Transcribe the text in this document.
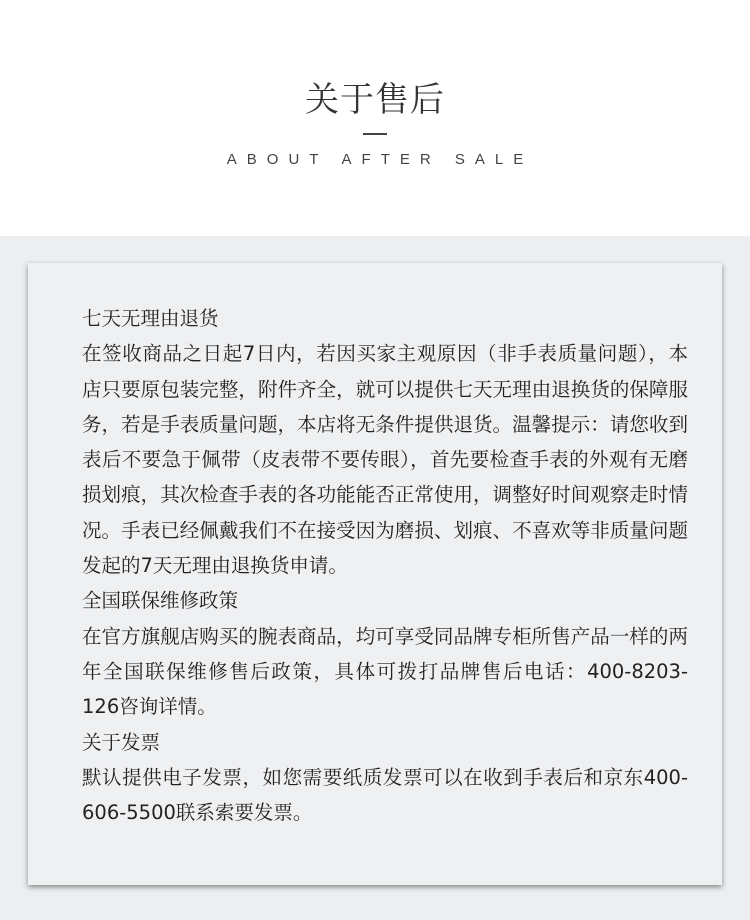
关于售后
ABOUT AFTER SALE

七天无理由退货

在签收商品之日起7日内，若因买家主观原因（非手表质量问题），本店只要原包装完整，附件齐全，就可以提供七天无理由退换货的保障服务，若是手表质量问题，本店将无条件提供退货。温馨提示：请您收到表后不要急于佩带（皮表带不要传眼），首先要检查手表的外观有无磨损划痕，其次检查手表的各功能能否正常使用，调整好时间观察走时情况。手表已经佩戴我们不在接受因为磨损、划痕、不喜欢等非质量问题发起的7天无理由退换货申请。

全国联保维修政策

在官方旗舰店购买的腕表商品，均可享受同品牌专柜所售产品一样的两年全国联保维修售后政策，具体可拨打品牌售后电话：400-8203-126咨询详情。

关于发票

默认提供电子发票，如您需要纸质发票可以在收到手表后和京东400-606-5500联系索要发票。
